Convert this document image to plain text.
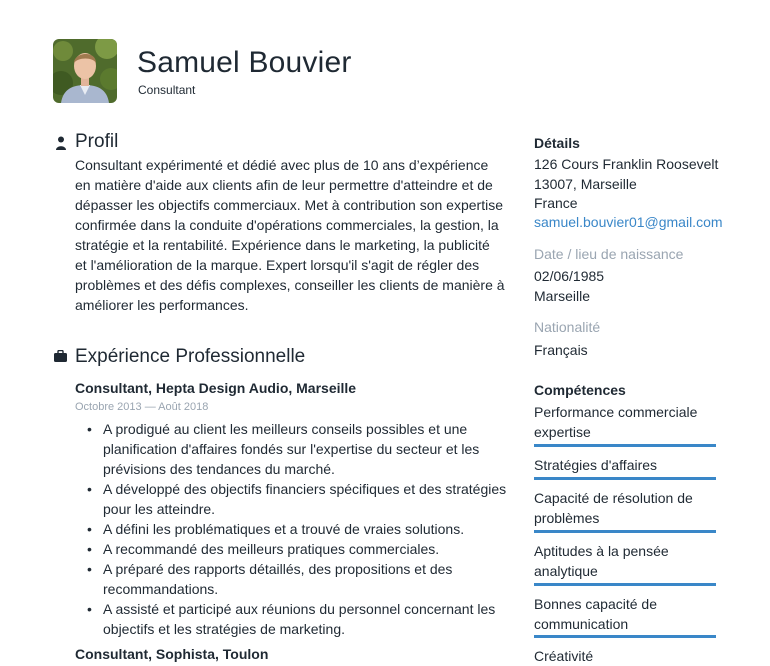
Samuel Bouvier
Consultant
Profil
Consultant expérimenté et dédié avec plus de 10 ans d’expérience en matière d'aide aux clients afin de leur permettre d'atteindre et de dépasser les objectifs commerciaux. Met à contribution son expertise confirmée dans la conduite d'opérations commerciales, la gestion, la stratégie et la rentabilité. Expérience dans le marketing, la publicité et l'amélioration de la marque. Expert lorsqu'il s'agit de régler des problèmes et des défis complexes, conseiller les clients de manière à améliorer les performances.
Expérience Professionnelle
Consultant, Hepta Design Audio, Marseille
Octobre 2013 — Août 2018
• A prodigué au client les meilleurs conseils possibles et une planification d'affaires fondés sur l'expertise du secteur et les prévisions des tendances du marché.
• A développé des objectifs financiers spécifiques et des stratégies pour les atteindre.
• A défini les problématiques et a trouvé de vraies solutions.
• A recommandé des meilleurs pratiques commerciales.
• A préparé des rapports détaillés, des propositions et des recommandations.
• A assisté et participé aux réunions du personnel concernant les objectifs et les stratégies de marketing.
Consultant, Sophista, Toulon
Détails
126 Cours Franklin Roosevelt
13007, Marseille
France
samuel.bouvier01@gmail.com
Date / lieu de naissance
02/06/1985
Marseille
Nationalité
Français
Compétences
Performance commerciale expertise
Stratégies d'affaires
Capacité de résolution de problèmes
Aptitudes à la pensée analytique
Bonnes capacité de communication
Créativité
